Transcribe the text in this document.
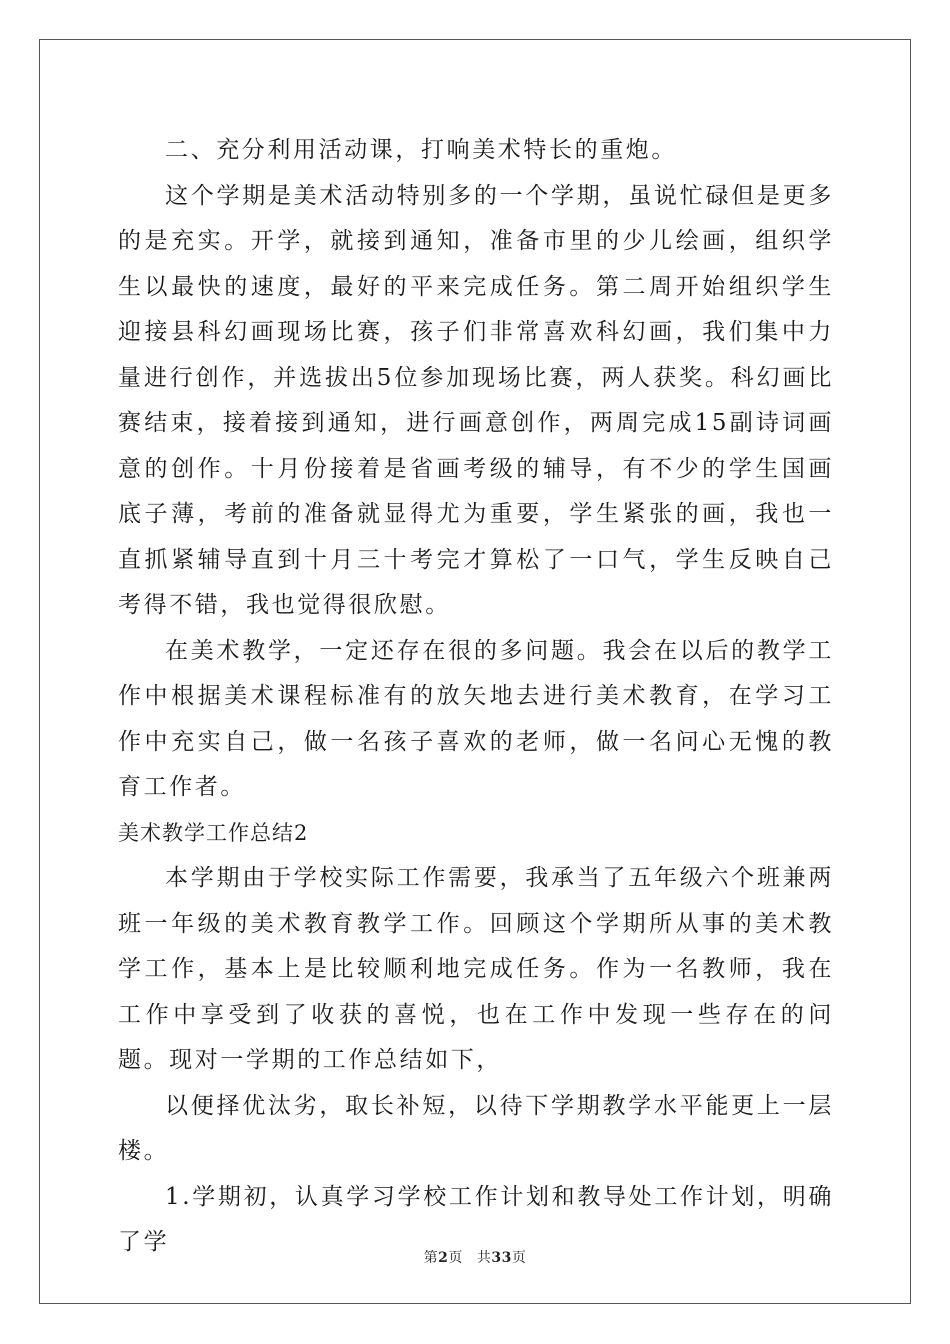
二、充分利用活动课，打响美术特长的重炮。

这个学期是美术活动特别多的一个学期，虽说忙碌但是更多的是充实。开学，就接到通知，准备市里的少儿绘画，组织学生以最快的速度，最好的平来完成任务。第二周开始组织学生迎接县科幻画现场比赛，孩子们非常喜欢科幻画，我们集中力量进行创作，并选拔出5位参加现场比赛，两人获奖。科幻画比赛结束，接着接到通知，进行画意创作，两周完成15副诗词画意的创作。十月份接着是省画考级的辅导，有不少的学生国画底子薄，考前的准备就显得尤为重要，学生紧张的画，我也一直抓紧辅导直到十月三十考完才算松了一口气，学生反映自己考得不错，我也觉得很欣慰。

在美术教学，一定还存在很的多问题。我会在以后的教学工作中根据美术课程标准有的放矢地去进行美术教育，在学习工作中充实自己，做一名孩子喜欢的老师，做一名问心无愧的教育工作者。

美术教学工作总结2

本学期由于学校实际工作需要，我承当了五年级六个班兼两班一年级的美术教育教学工作。回顾这个学期所从事的美术教学工作，基本上是比较顺利地完成任务。作为一名教师，我在工作中享受到了收获的喜悦，也在工作中发现一些存在的问题。现对一学期的工作总结如下，

以便择优汰劣，取长补短，以待下学期教学水平能更上一层楼。

1.学期初，认真学习学校工作计划和教导处工作计划，明确了学

第2页 共33页
